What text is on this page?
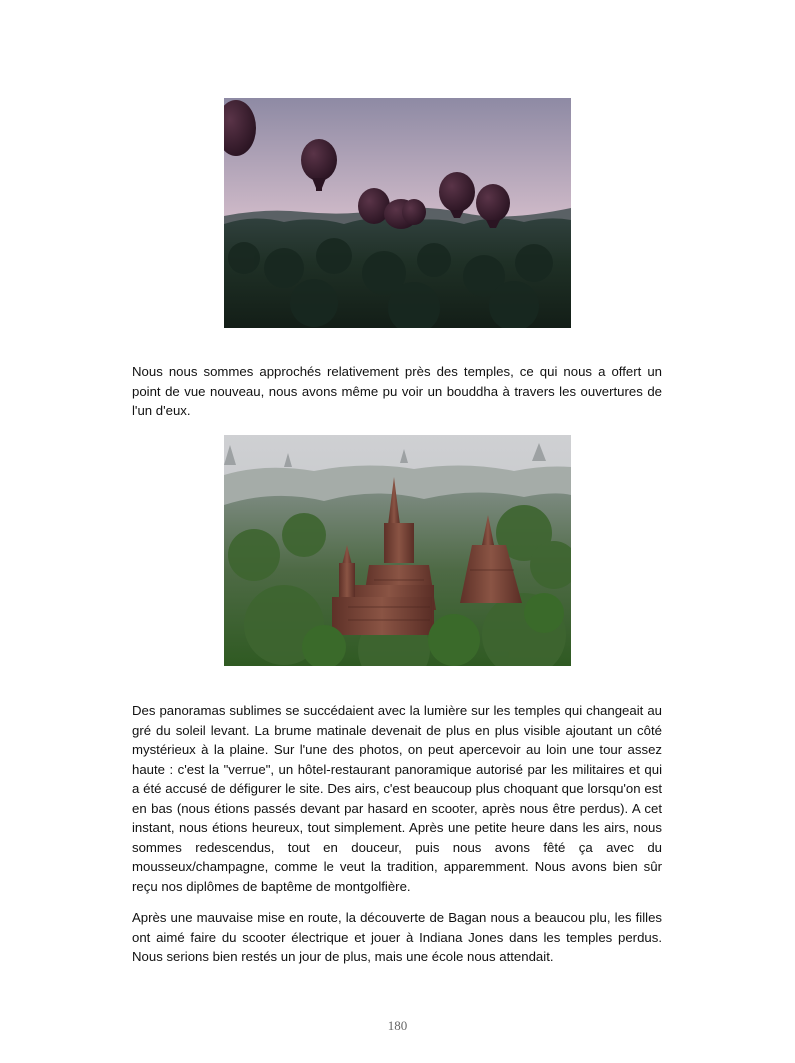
Nous nous sommes approchés relativement près des temples, ce qui nous a offert un point de vue nouveau, nous avons même pu voir un bouddha à travers les ouvertures de l'un d'eux.

Des panoramas sublimes se succédaient avec la lumière sur les temples qui changeait au gré du soleil levant. La brume matinale devenait de plus en plus visible ajoutant un côté mystérieux à la plaine. Sur l'une des photos, on peut apercevoir au loin une tour assez haute : c'est la "verrue", un hôtel-restaurant panoramique autorisé par les militaires et qui a été accusé de défigurer le site. Des airs, c'est beaucoup plus choquant que lorsqu'on est en bas (nous étions passés devant par hasard en scooter, après nous être perdus). A cet instant, nous étions heureux, tout simplement. Après une petite heure dans les airs, nous sommes redescendus, tout en douceur, puis nous avons fêté ça avec du mousseux/champagne, comme le veut la tradition, apparemment. Nous avons bien sûr reçu nos diplômes de baptême de montgolfière.

Après une mauvaise mise en route, la découverte de Bagan nous a beaucou plu, les filles ont aimé faire du scooter électrique et jouer à Indiana Jones dans les temples perdus. Nous serions bien restés un jour de plus, mais une école nous attendait.

180
